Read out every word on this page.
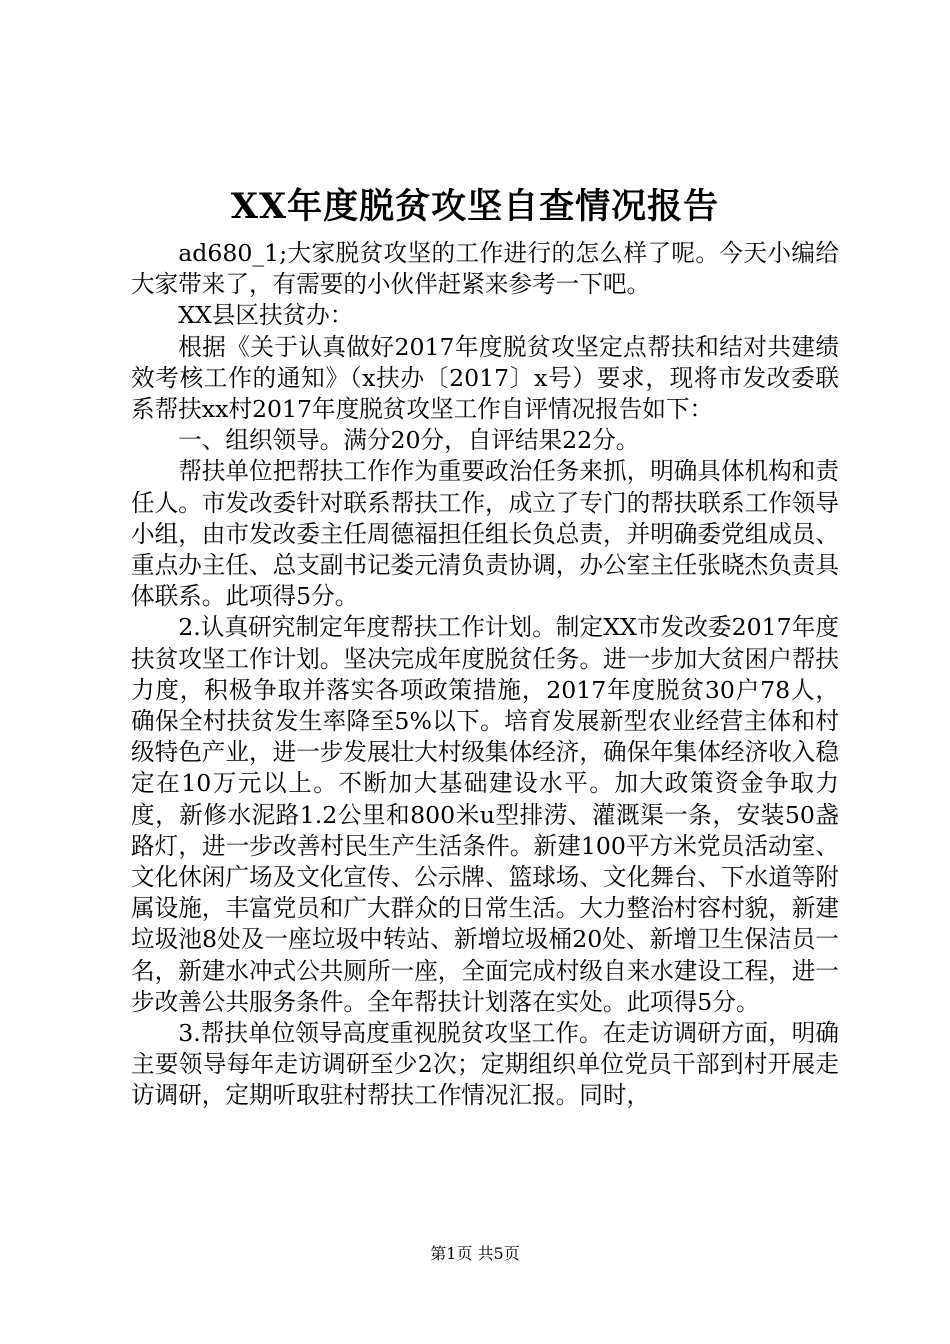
XX年度脱贫攻坚自查情况报告

ad680_1;大家脱贫攻坚的工作进行的怎么样了呢。今天小编给大家带来了，有需要的小伙伴赶紧来参考一下吧。

XX县区扶贫办：

根据《关于认真做好2017年度脱贫攻坚定点帮扶和结对共建绩效考核工作的通知》（x扶办〔2017〕x号）要求，现将市发改委联系帮扶xx村2017年度脱贫攻坚工作自评情况报告如下：

一、组织领导。满分20分，自评结果22分。

帮扶单位把帮扶工作作为重要政治任务来抓，明确具体机构和责任人。市发改委针对联系帮扶工作，成立了专门的帮扶联系工作领导小组，由市发改委主任周德福担任组长负总责，并明确委党组成员、重点办主任、总支副书记娄元清负责协调，办公室主任张晓杰负责具体联系。此项得5分。

2.认真研究制定年度帮扶工作计划。制定XX市发改委2017年度扶贫攻坚工作计划。坚决完成年度脱贫任务。进一步加大贫困户帮扶力度，积极争取并落实各项政策措施，2017年度脱贫30户78人，确保全村扶贫发生率降至5%以下。培育发展新型农业经营主体和村级特色产业，进一步发展壮大村级集体经济，确保年集体经济收入稳定在10万元以上。不断加大基础建设水平。加大政策资金争取力度，新修水泥路1.2公里和800米u型排涝、灌溉渠一条，安装50盏路灯，进一步改善村民生产生活条件。新建100平方米党员活动室、文化休闲广场及文化宣传、公示牌、篮球场、文化舞台、下水道等附属设施，丰富党员和广大群众的日常生活。大力整治村容村貌，新建垃圾池8处及一座垃圾中转站、新增垃圾桶20处、新增卫生保洁员一名，新建水冲式公共厕所一座，全面完成村级自来水建设工程，进一步改善公共服务条件。全年帮扶计划落在实处。此项得5分。

3.帮扶单位领导高度重视脱贫攻坚工作。在走访调研方面，明确主要领导每年走访调研至少2次；定期组织单位党员干部到村开展走访调研，定期听取驻村帮扶工作情况汇报。同时，

第1页 共5页
